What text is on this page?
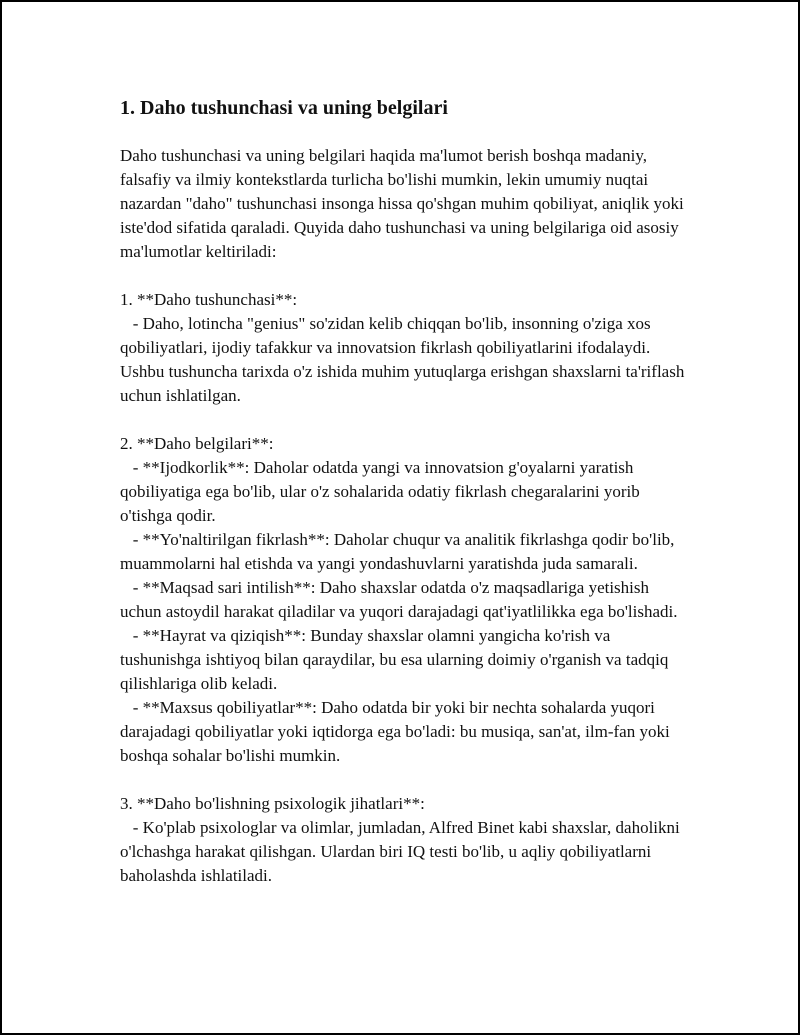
1. Daho tushunchasi va uning belgilari

Daho tushunchasi va uning belgilari haqida ma'lumot berish boshqa madaniy, falsafiy va ilmiy kontekstlarda turlicha bo'lishi mumkin, lekin umumiy nuqtai nazardan "daho" tushunchasi insonga hissa qo'shgan muhim qobiliyat, aniqlik yoki iste'dod sifatida qaraladi. Quyida daho tushunchasi va uning belgilariga oid asosiy ma'lumotlar keltiriladi:

1. **Daho tushunchasi**:
- Daho, lotincha "genius" so'zidan kelib chiqqan bo'lib, insonning o'ziga xos qobiliyatlari, ijodiy tafakkur va innovatsion fikrlash qobiliyatlarini ifodalaydi. Ushbu tushuncha tarixda o'z ishida muhim yutuqlarga erishgan shaxslarni ta'riflash uchun ishlatilgan.

2. **Daho belgilari**:
- **Ijodkorlik**: Daholar odatda yangi va innovatsion g'oyalarni yaratish qobiliyatiga ega bo'lib, ular o'z sohalarida odatiy fikrlash chegaralarini yorib o'tishga qodir.
- **Yo'naltirilgan fikrlash**: Daholar chuqur va analitik fikrlashga qodir bo'lib, muammolarni hal etishda va yangi yondashuvlarni yaratishda juda samarali.
- **Maqsad sari intilish**: Daho shaxslar odatda o'z maqsadlariga yetishish uchun astoydil harakat qiladilar va yuqori darajadagi qat'iyatlilikka ega bo'lishadi.
- **Hayrat va qiziqish**: Bunday shaxslar olamni yangicha ko'rish va tushunishga ishtiyoq bilan qaraydilar, bu esa ularning doimiy o'rganish va tadqiq qilishlariga olib keladi.
- **Maxsus qobiliyatlar**: Daho odatda bir yoki bir nechta sohalarda yuqori darajadagi qobiliyatlar yoki iqtidorga ega bo'ladi: bu musiqa, san'at, ilm-fan yoki boshqa sohalar bo'lishi mumkin.

3. **Daho bo'lishning psixologik jihatlari**:
- Ko'plab psixologlar va olimlar, jumladan, Alfred Binet kabi shaxslar, daholikni o'lchashga harakat qilishgan. Ulardan biri IQ testi bo'lib, u aqliy qobiliyatlarni baholashda ishlatiladi.
